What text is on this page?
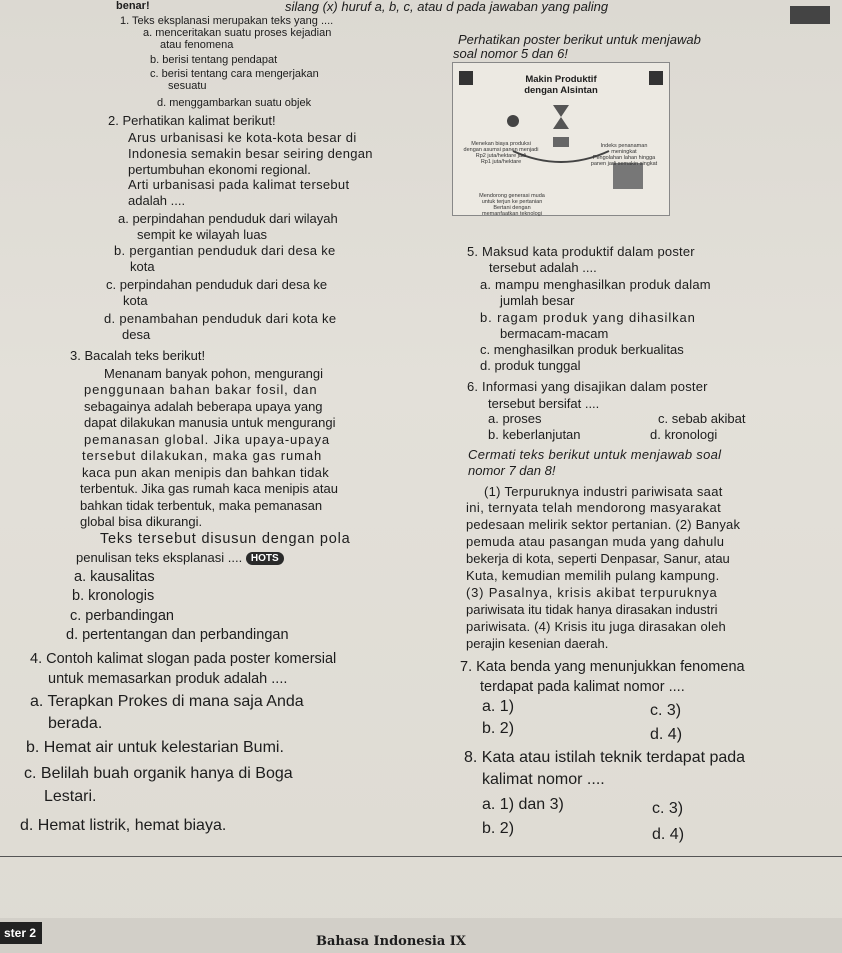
benar!	silang (x) huruf a, b, c, atau d pada jawaban yang paling
1. Teks eksplanasi merupakan teks yang ....
a. menceritakan suatu proses kejadian
atau fenomena
b. berisi tentang pendapat
c. berisi tentang cara mengerjakan
sesuatu
d. menggambarkan suatu objek
2. Perhatikan kalimat berikut!
Arus urbanisasi ke kota-kota besar di
Indonesia semakin besar seiring dengan
pertumbuhan ekonomi regional.
Arti urbanisasi pada kalimat tersebut
adalah ....
a. perpindahan penduduk dari wilayah
sempit ke wilayah luas
b. pergantian penduduk dari desa ke
kota
c. perpindahan penduduk dari desa ke
kota
d. penambahan penduduk dari kota ke
desa
3. Bacalah teks berikut!
Menanam banyak pohon, mengurangi
penggunaan bahan bakar fosil, dan
sebagainya adalah beberapa upaya yang
dapat dilakukan manusia untuk mengurangi
pemanasan global. Jika upaya-upaya
tersebut dilakukan, maka gas rumah
kaca pun akan menipis dan bahkan tidak
terbentuk. Jika gas rumah kaca menipis atau
bahkan tidak terbentuk, maka pemanasan
global bisa dikurangi.
Teks tersebut disusun dengan pola
penulisan teks eksplanasi .... HOTS
a. kausalitas
b. kronologis
c. perbandingan
d. pertentangan dan perbandingan
4. Contoh kalimat slogan pada poster komersial
untuk memasarkan produk adalah ....
a. Terapkan Prokes di mana saja Anda
berada.
b. Hemat air untuk kelestarian Bumi.
c. Belilah buah organik hanya di Boga
Lestari.
d. Hemat listrik, hemat biaya.
Perhatikan poster berikut untuk menjawab
soal nomor 5 dan 6!
Makin Produktif
dengan Alsintan
Menekan biaya produksi
dengan asumsi panen menjadi
Rp2 juta/hektare jadi
Rp1 juta/hektare
Indeks penanaman
meningkat
Pengolahan lahan hingga
panen jadi semakin singkat
Mendorong generasi muda
untuk terjun ke pertanian
Bertani dengan
memanfaatkan teknologi
5. Maksud kata produktif dalam poster
tersebut adalah ....
a. mampu menghasilkan produk dalam
jumlah besar
b. ragam produk yang dihasilkan
bermacam-macam
c. menghasilkan produk berkualitas
d. produk tunggal
6. Informasi yang disajikan dalam poster
tersebut bersifat ....
a. proses	c. sebab akibat
b. keberlanjutan	d. kronologi
Cermati teks berikut untuk menjawab soal
nomor 7 dan 8!
(1) Terpuruknya industri pariwisata saat
ini, ternyata telah mendorong masyarakat
pedesaan melirik sektor pertanian. (2) Banyak
pemuda atau pasangan muda yang dahulu
bekerja di kota, seperti Denpasar, Sanur, atau
Kuta, kemudian memilih pulang kampung.
(3) Pasalnya, krisis akibat terpuruknya
pariwisata itu tidak hanya dirasakan industri
pariwisata. (4) Krisis itu juga dirasakan oleh
perajin kesenian daerah.
7. Kata benda yang menunjukkan fenomena
terdapat pada kalimat nomor ....
a. 1)	c. 3)
b. 2)	d. 4)
8. Kata atau istilah teknik terdapat pada
kalimat nomor ....
a. 1) dan 3)	c. 3)
b. 2)	d. 4)
ster 2
Bahasa Indonesia IX
